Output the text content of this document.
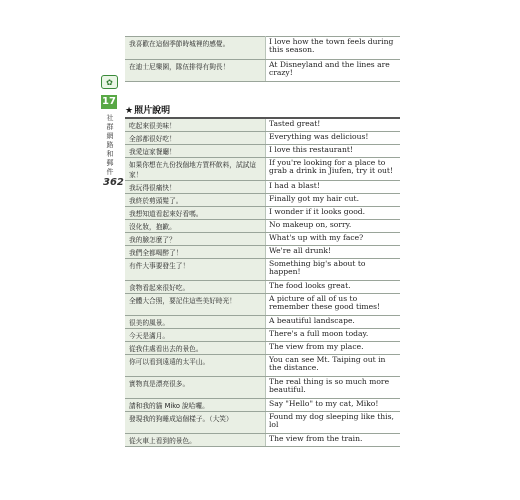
我喜歡在這個季節時城裡的感覺。	I love how the town feels during this season.
在迪士尼樂園，隊伍排得有夠長！	At Disneyland and the lines are crazy!
✿
17
社群網路和郵件
362
★照片說明
吃起來很美味！	Tasted great!
全部都很好吃！	Everything was delicious!
我愛這家餐廳！	I love this restaurant!
如果你想在九份找個地方買杯飲料，試試這家！	If you're looking for a place to grab a drink in Jiufen, try it out!
我玩得很痛快！	I had a blast!
我終於剪頭髮了。	Finally got my hair cut.
我想知道看起來好看嗎。	I wonder if it looks good.
沒化妝，抱歉。	No makeup on, sorry.
我的臉怎麼了？	What's up with my face?
我們全都喝醉了！	We're all drunk!
有件大事要發生了！	Something big's about to happen!
食物看起來很好吃。	The food looks great.
全體大合照，要記住這些美好時光！	A picture of all of us to remember these good times!
很美的風景。	A beautiful landscape.
今天是滿月。	There's a full moon today.
從我住處看出去的景色。	The view from my place.
你可以看到遠遠的太平山。	You can see Mt. Taiping out in the distance.
實物真是漂亮很多。	The real thing is so much more beautiful.
請和我的貓 Miko 說哈囉。	Say "Hello" to my cat, Miko!
發現我的狗睡成這個樣子。（大笑）	Found my dog sleeping like this, lol
從火車上看到的景色。	The view from the train.
